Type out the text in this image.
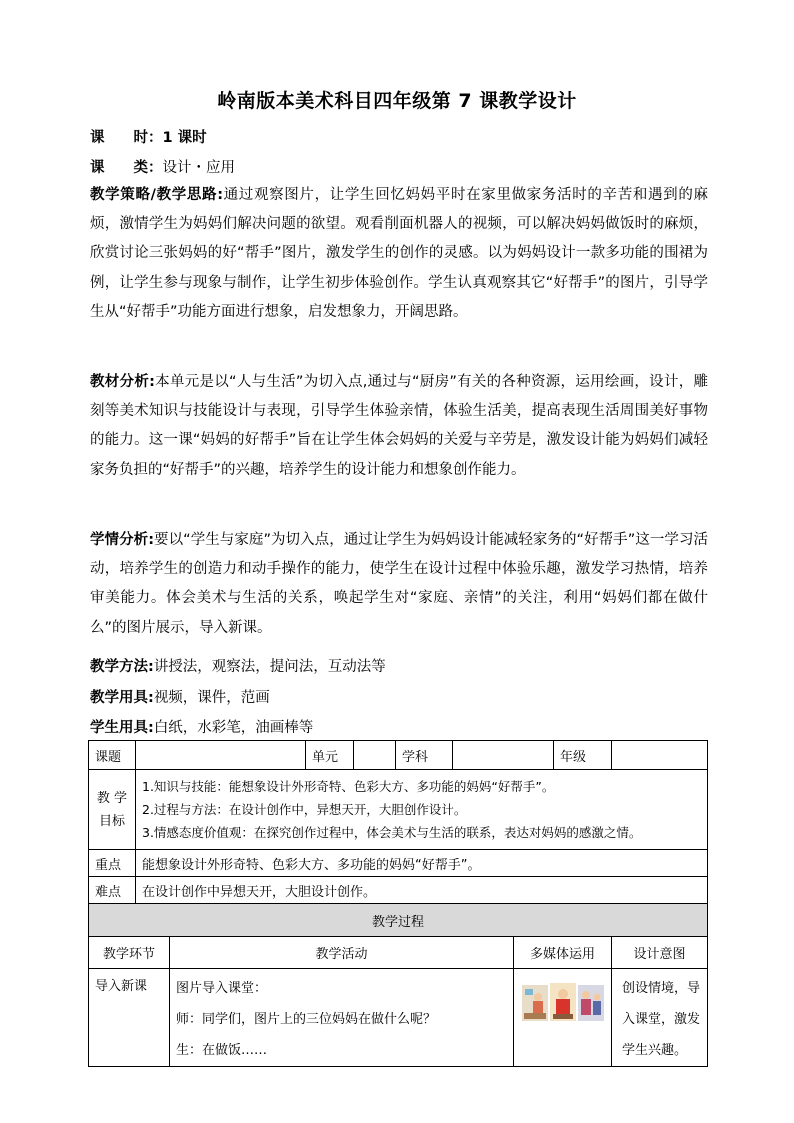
岭南版本美术科目四年级第 7 课教学设计
课　　时：1 课时
课　　类：设计・应用
教学策略/教学思路:通过观察图片，让学生回忆妈妈平时在家里做家务活时的辛苦和遇到的麻烦，激情学生为妈妈们解决问题的欲望。观看削面机器人的视频，可以解决妈妈做饭时的麻烦，欣赏讨论三张妈妈的好“帮手”图片，激发学生的创作的灵感。以为妈妈设计一款多功能的围裙为例，让学生参与现象与制作，让学生初步体验创作。学生认真观察其它“好帮手”的图片，引导学生从“好帮手”功能方面进行想象，启发想象力，开阔思路。
教材分析:本单元是以“人与生活”为切入点,通过与“厨房”有关的各种资源，运用绘画，设计，雕刻等美术知识与技能设计与表现，引导学生体验亲情，体验生活美，提高表现生活周围美好事物的能力。这一课“妈妈的好帮手”旨在让学生体会妈妈的关爱与辛劳是，激发设计能为妈妈们减轻家务负担的“好帮手”的兴趣，培养学生的设计能力和想象创作能力。
学情分析:要以“学生与家庭”为切入点，通过让学生为妈妈设计能减轻家务的“好帮手”这一学习活动，培养学生的创造力和动手操作的能力，使学生在设计过程中体验乐趣，激发学习热情，培养审美能力。体会美术与生活的关系，唤起学生对“家庭、亲情”的关注，利用“妈妈们都在做什么”的图片展示，导入新课。
教学方法:讲授法，观察法，提问法，互动法等
教学用具:视频，课件，范画
学生用具:白纸，水彩笔，油画棒等
课题			单元		学科			年级	
教 学目标	1.知识与技能：能想象设计外形奇特、色彩大方、多功能的妈妈“好帮手”。
2.过程与方法：在设计创作中，异想天开，大胆创作设计。
3.情感态度价值观：在探究创作过程中，体会美术与生活的联系，表达对妈妈的感激之情。								

重点	能想象设计外形奇特、色彩大方、多功能的妈妈“好帮手”。								
难点	在设计创作中异想天开，大胆设计创作。								
教学过程									
教学环节		教学活动					多媒体运用		设计意图
导入新课		图片导入课堂：
师：同学们，图片上的三位妈妈在做什么呢？
生：在做饭……							创设情境，导入课堂，激发学生兴趣。
